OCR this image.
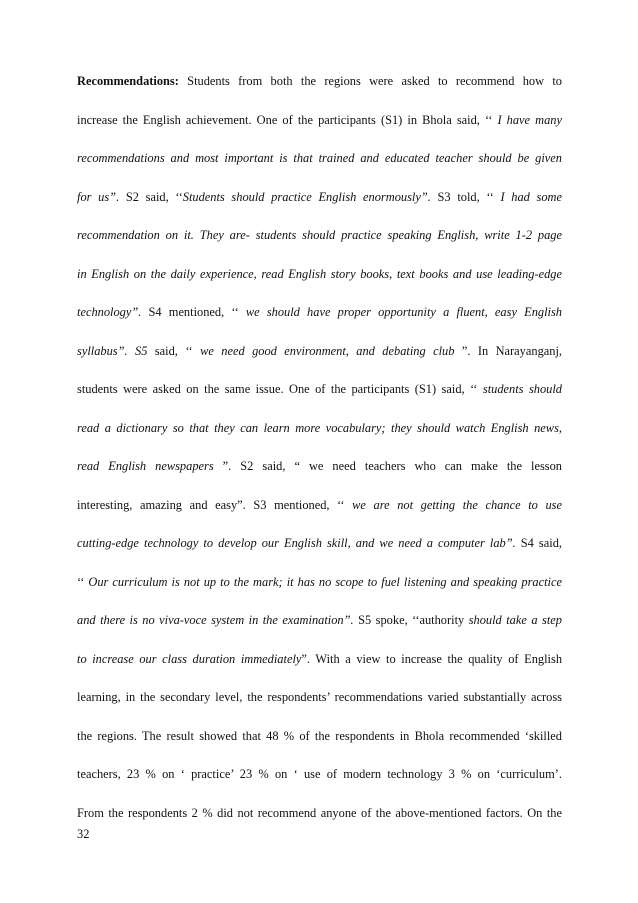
Recommendations: Students from both the regions were asked to recommend how to
increase the English achievement. One of the participants (S1) in Bhola said, ‘‘ I have many
recommendations and most important is that trained and educated teacher should be given
for us”. S2 said, ‘‘Students should practice English enormously”. S3 told, ‘‘ I had some
recommendation on it. They are- students should practice speaking English, write 1-2 page
in English on the daily experience, read English story books, text books and use leading-edge
technology”. S4 mentioned, ‘‘ we should have proper opportunity a fluent, easy English
syllabus”. S5 said, ‘‘ we need good environment, and debating club ”. In Narayanganj,
students were asked on the same issue. One of the participants (S1) said, ‘‘ students should
read a dictionary so that they can learn more vocabulary; they should watch English news,
read English newspapers ”. S2 said, “ we need teachers who can make the lesson
interesting, amazing and easy”. S3 mentioned, ‘‘ we are not getting the chance to use
cutting-edge technology to develop our English skill, and we need a computer lab”. S4 said,
‘‘ Our curriculum is not up to the mark; it has no scope to fuel listening and speaking practice
and there is no viva-voce system in the examination”. S5 spoke, ‘‘authority should take a step
to increase our class duration immediately”. With a view to increase the quality of English
learning, in the secondary level, the respondents’ recommendations varied substantially across
the regions. The result showed that 48 % of the respondents in Bhola recommended ‘skilled
teachers, 23 % on ‘ practice’ 23 % on ‘ use of modern technology 3 % on ‘curriculum’.
From the respondents 2 % did not recommend anyone of the above-mentioned factors. On the
32
